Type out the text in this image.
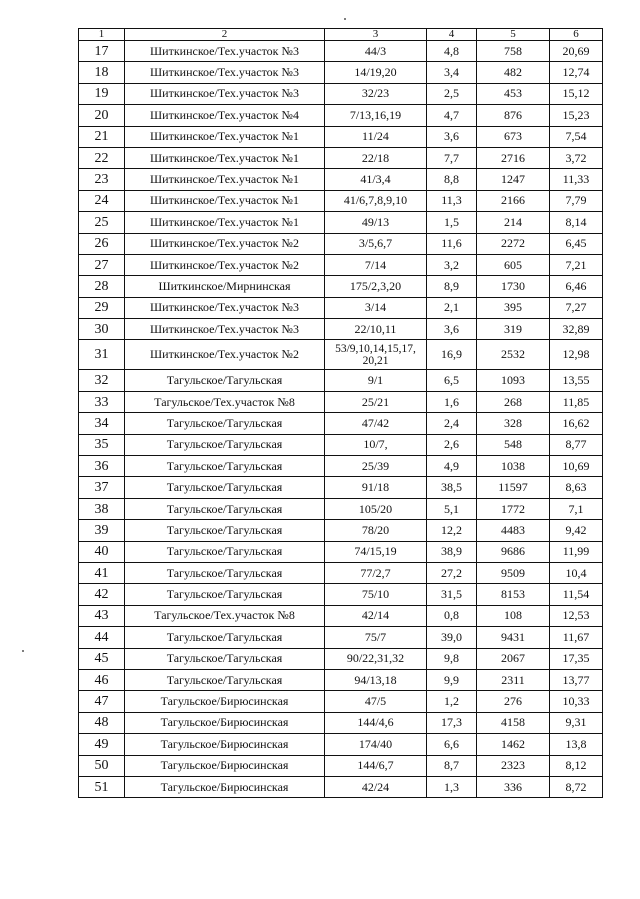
1	2	3	4	5	6
17	Шиткинское/Тех.участок №3	44/3	4,8	758	20,69
18	Шиткинское/Тех.участок №3	14/19,20	3,4	482	12,74
19	Шиткинское/Тех.участок №3	32/23	2,5	453	15,12
20	Шиткинское/Тех.участок №4	7/13,16,19	4,7	876	15,23
21	Шиткинское/Тех.участок №1	11/24	3,6	673	7,54
22	Шиткинское/Тех.участок №1	22/18	7,7	2716	3,72
23	Шиткинское/Тех.участок №1	41/3,4	8,8	1247	11,33
24	Шиткинское/Тех.участок №1	41/6,7,8,9,10	11,3	2166	7,79
25	Шиткинское/Тех.участок №1	49/13	1,5	214	8,14
26	Шиткинское/Тех.участок №2	3/5,6,7	11,6	2272	6,45
27	Шиткинское/Тех.участок №2	7/14	3,2	605	7,21
28	Шиткинское/Мирнинская	175/2,3,20	8,9	1730	6,46
29	Шиткинское/Тех.участок №3	3/14	2,1	395	7,27
30	Шиткинское/Тех.участок №3	22/10,11	3,6	319	32,89
31	Шиткинское/Тех.участок №2	53/9,10,14,15,17, 20,21	16,9	2532	12,98
32	Тагульское/Тагульская	9/1	6,5	1093	13,55
33	Тагульское/Тех.участок №8	25/21	1,6	268	11,85
34	Тагульское/Тагульская	47/42	2,4	328	16,62
35	Тагульское/Тагульская	10/7,	2,6	548	8,77
36	Тагульское/Тагульская	25/39	4,9	1038	10,69
37	Тагульское/Тагульская	91/18	38,5	11597	8,63
38	Тагульское/Тагульская	105/20	5,1	1772	7,1
39	Тагульское/Тагульская	78/20	12,2	4483	9,42
40	Тагульское/Тагульская	74/15,19	38,9	9686	11,99
41	Тагульское/Тагульская	77/2,7	27,2	9509	10,4
42	Тагульское/Тагульская	75/10	31,5	8153	11,54
43	Тагульское/Тех.участок №8	42/14	0,8	108	12,53
44	Тагульское/Тагульская	75/7	39,0	9431	11,67
45	Тагульское/Тагульская	90/22,31,32	9,8	2067	17,35
46	Тагульское/Тагульская	94/13,18	9,9	2311	13,77
47	Тагульское/Бирюсинская	47/5	1,2	276	10,33
48	Тагульское/Бирюсинская	144/4,6	17,3	4158	9,31
49	Тагульское/Бирюсинская	174/40	6,6	1462	13,8
50	Тагульское/Бирюсинская	144/6,7	8,7	2323	8,12
51	Тагульское/Бирюсинская	42/24	1,3	336	8,72
